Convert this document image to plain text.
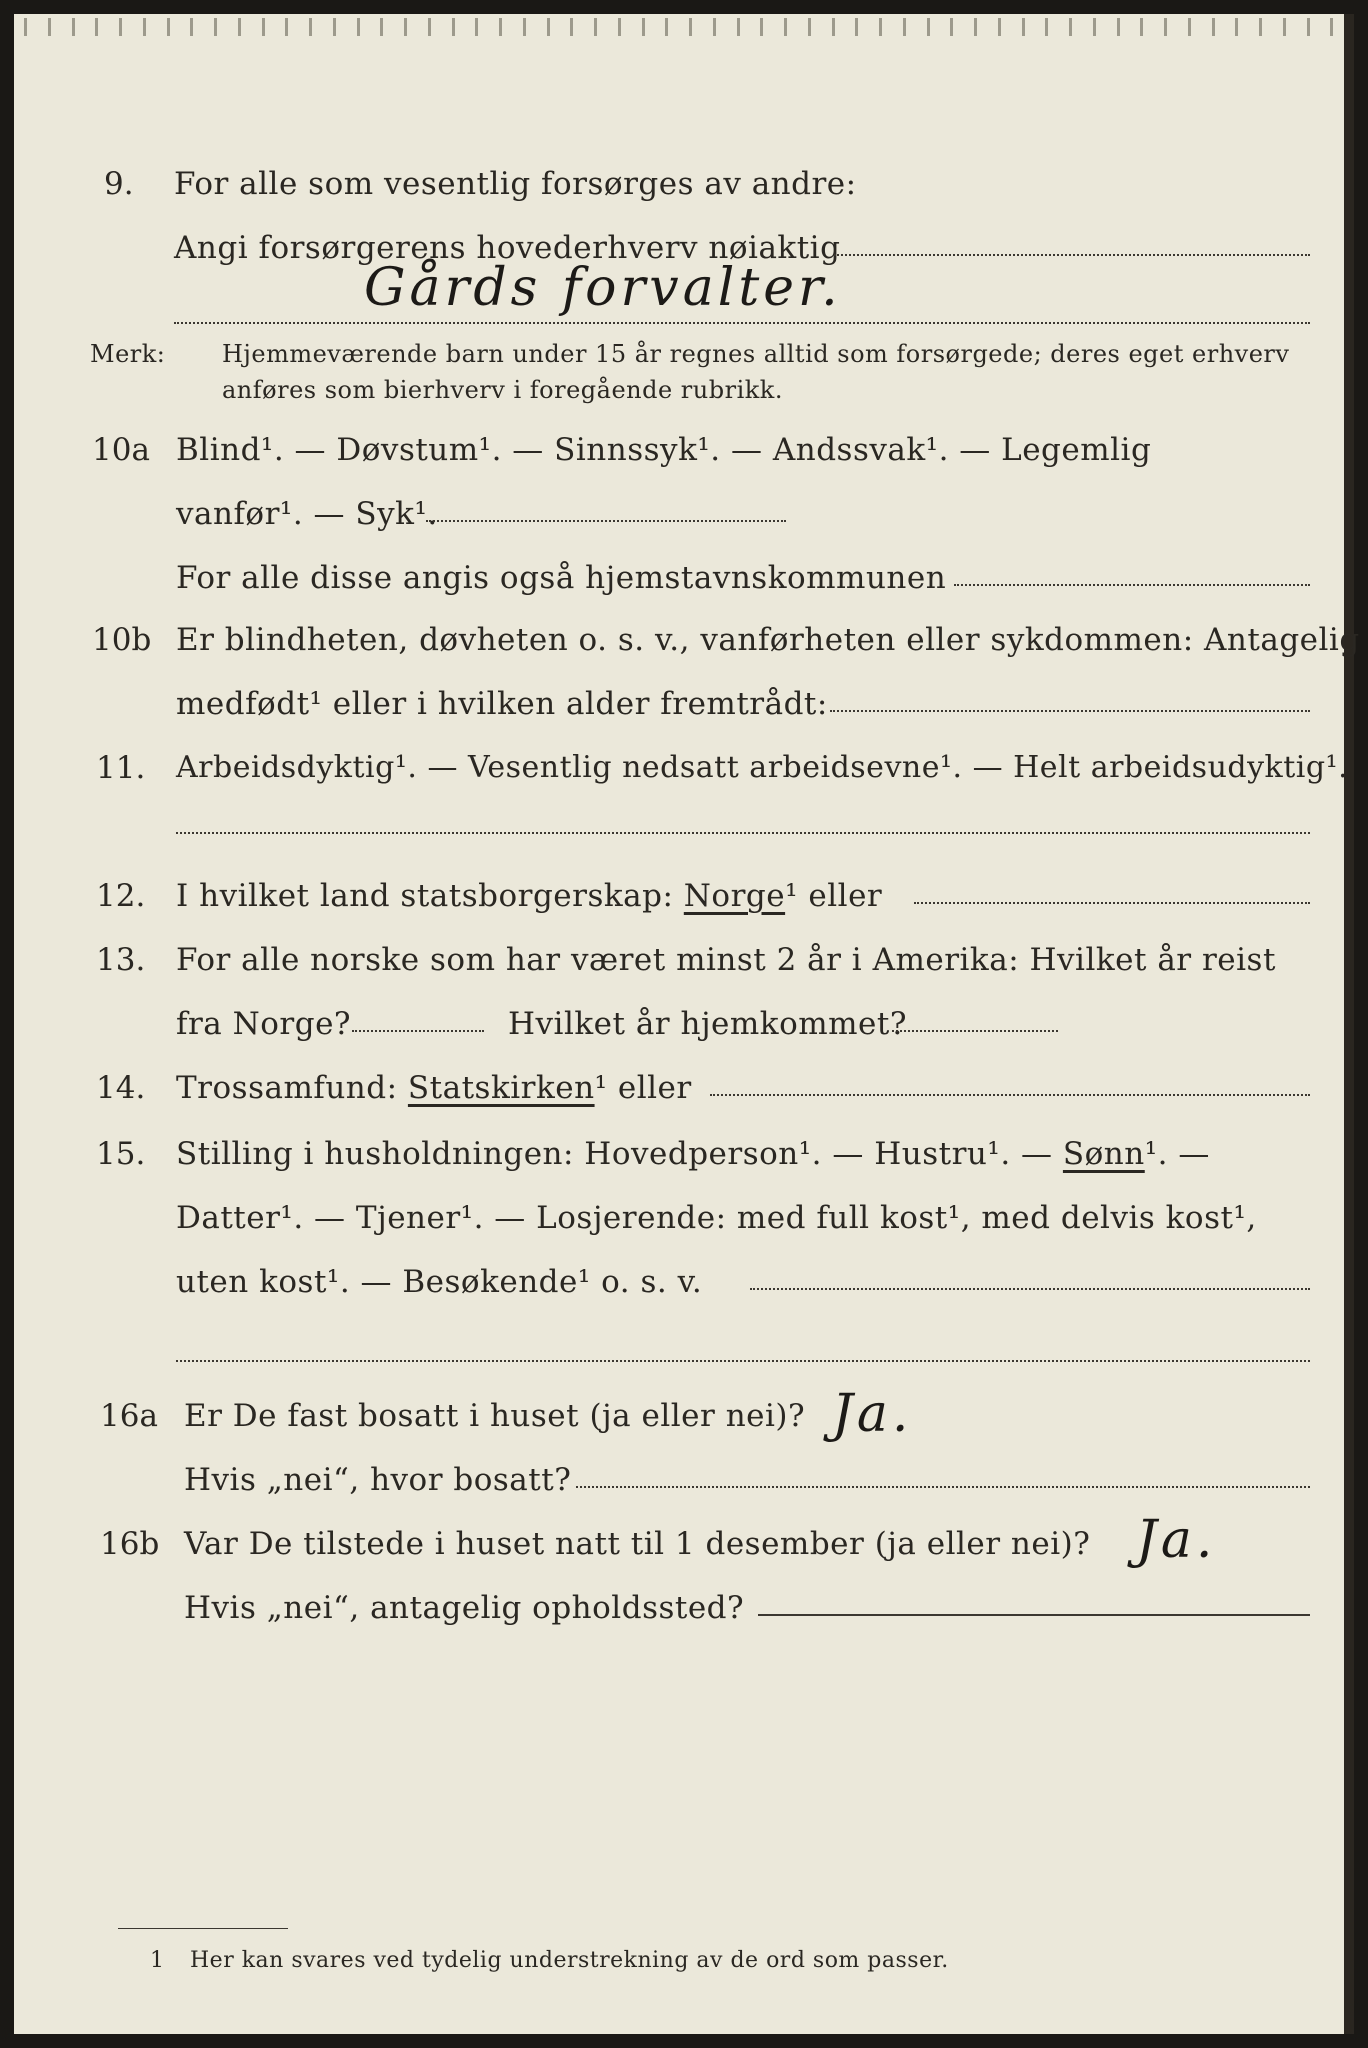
9. For alle som vesentlig forsørges av andre:
Angi forsørgerens hovederhverv nøiaktig
Gårds forvalter.
Merk: Hjemmeværende barn under 15 år regnes alltid som forsørgede; deres eget erhverv
anføres som bierhverv i foregående rubrikk.
10a Blind¹. — Døvstum¹. — Sinnssyk¹. — Andssvak¹. — Legemlig
vanfør¹. — Syk¹.
For alle disse angis også hjemstavnskommunen
10b Er blindheten, døvheten o. s. v., vanførheten eller sykdommen: Antagelig
medfødt¹ eller i hvilken alder fremtrådt:
11. Arbeidsdyktig¹. — Vesentlig nedsatt arbeidsevne¹. — Helt arbeidsudyktig¹.
12. I hvilket land statsborgerskap: Norge¹ eller
13. For alle norske som har været minst 2 år i Amerika: Hvilket år reist
fra Norge?	Hvilket år hjemkommet?
14. Trossamfund: Statskirken¹ eller
15. Stilling i husholdningen: Hovedperson¹. — Hustru¹. — Sønn¹. —
Datter¹. — Tjener¹. — Losjerende: med full kost¹, med delvis kost¹,
uten kost¹. — Besøkende¹ o. s. v.
16a Er De fast bosatt i huset (ja eller nei)? Ja.
Hvis „nei“, hvor bosatt?
16b Var De tilstede i huset natt til 1 desember (ja eller nei)? Ja.
Hvis „nei“, antagelig opholdssted?
1 Her kan svares ved tydelig understrekning av de ord som passer.
